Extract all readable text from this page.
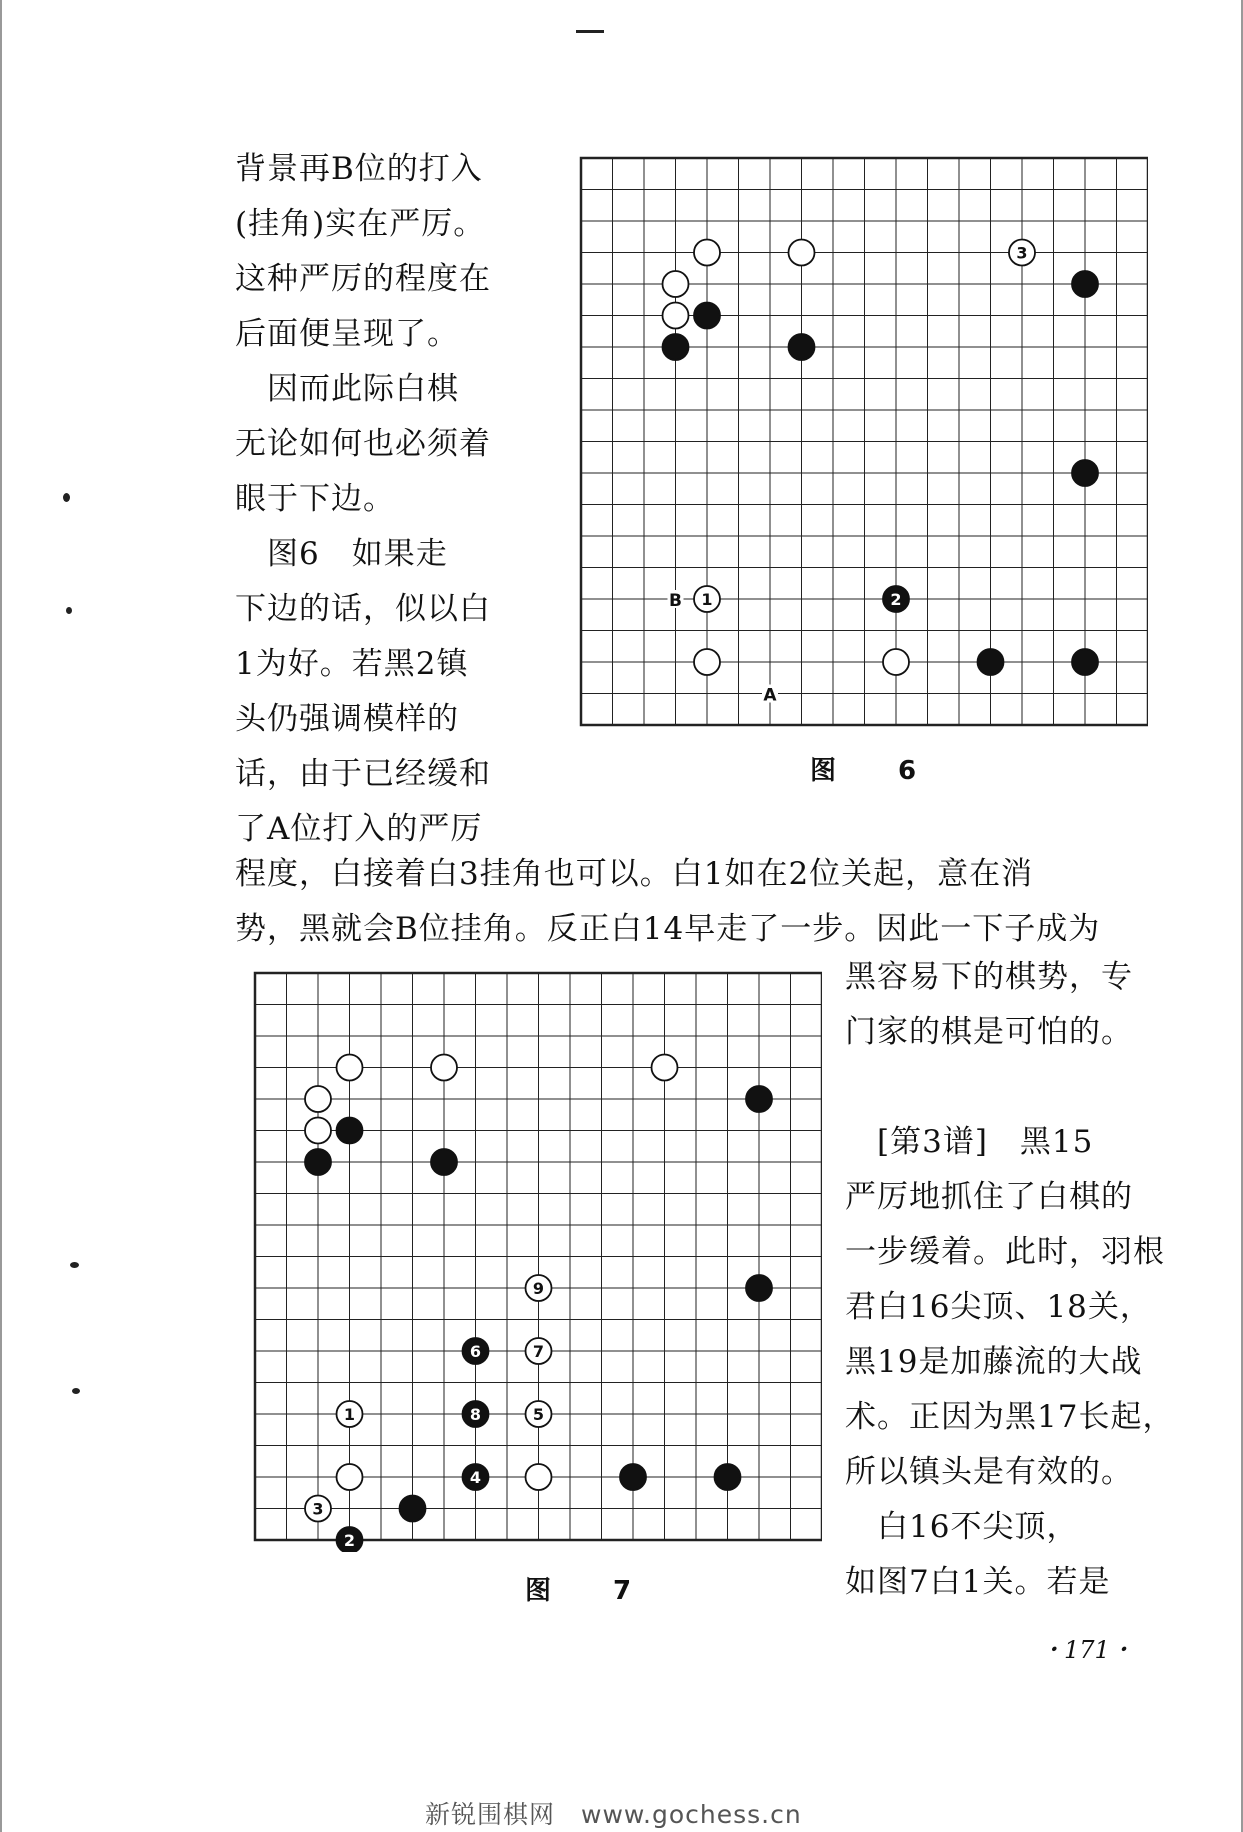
背景再B位的打入

(挂角)实在严厉。

这种严厉的程度在

后面便呈现了。

　因而此际白棋

无论如何也必须着

眼于下边。

　图6　如果走

下边的话，似以白

1为好。若黑2镇

头仍强调模样的

话，由于已经缓和

了A位打入的严厉

程度，白接着白3挂角也可以。白1如在2位关起，意在消

势，黑就会B位挂角。反正白14早走了一步。因此一下子成为

黑容易下的棋势，专

门家的棋是可怕的。

　[第3谱]　黑15

严厉地抓住了白棋的

一步缓着。此时，羽根

君白16尖顶、18关，

黑19是加藤流的大战

术。正因为黑17长起，

所以镇头是有效的。

　白16不尖顶，

如图7白1关。若是

B
A
3
1	2
图　6
9
6	7
1	8	5
4
3
2
图　7
・171・
新锐围棋网　www.gochess.cn
